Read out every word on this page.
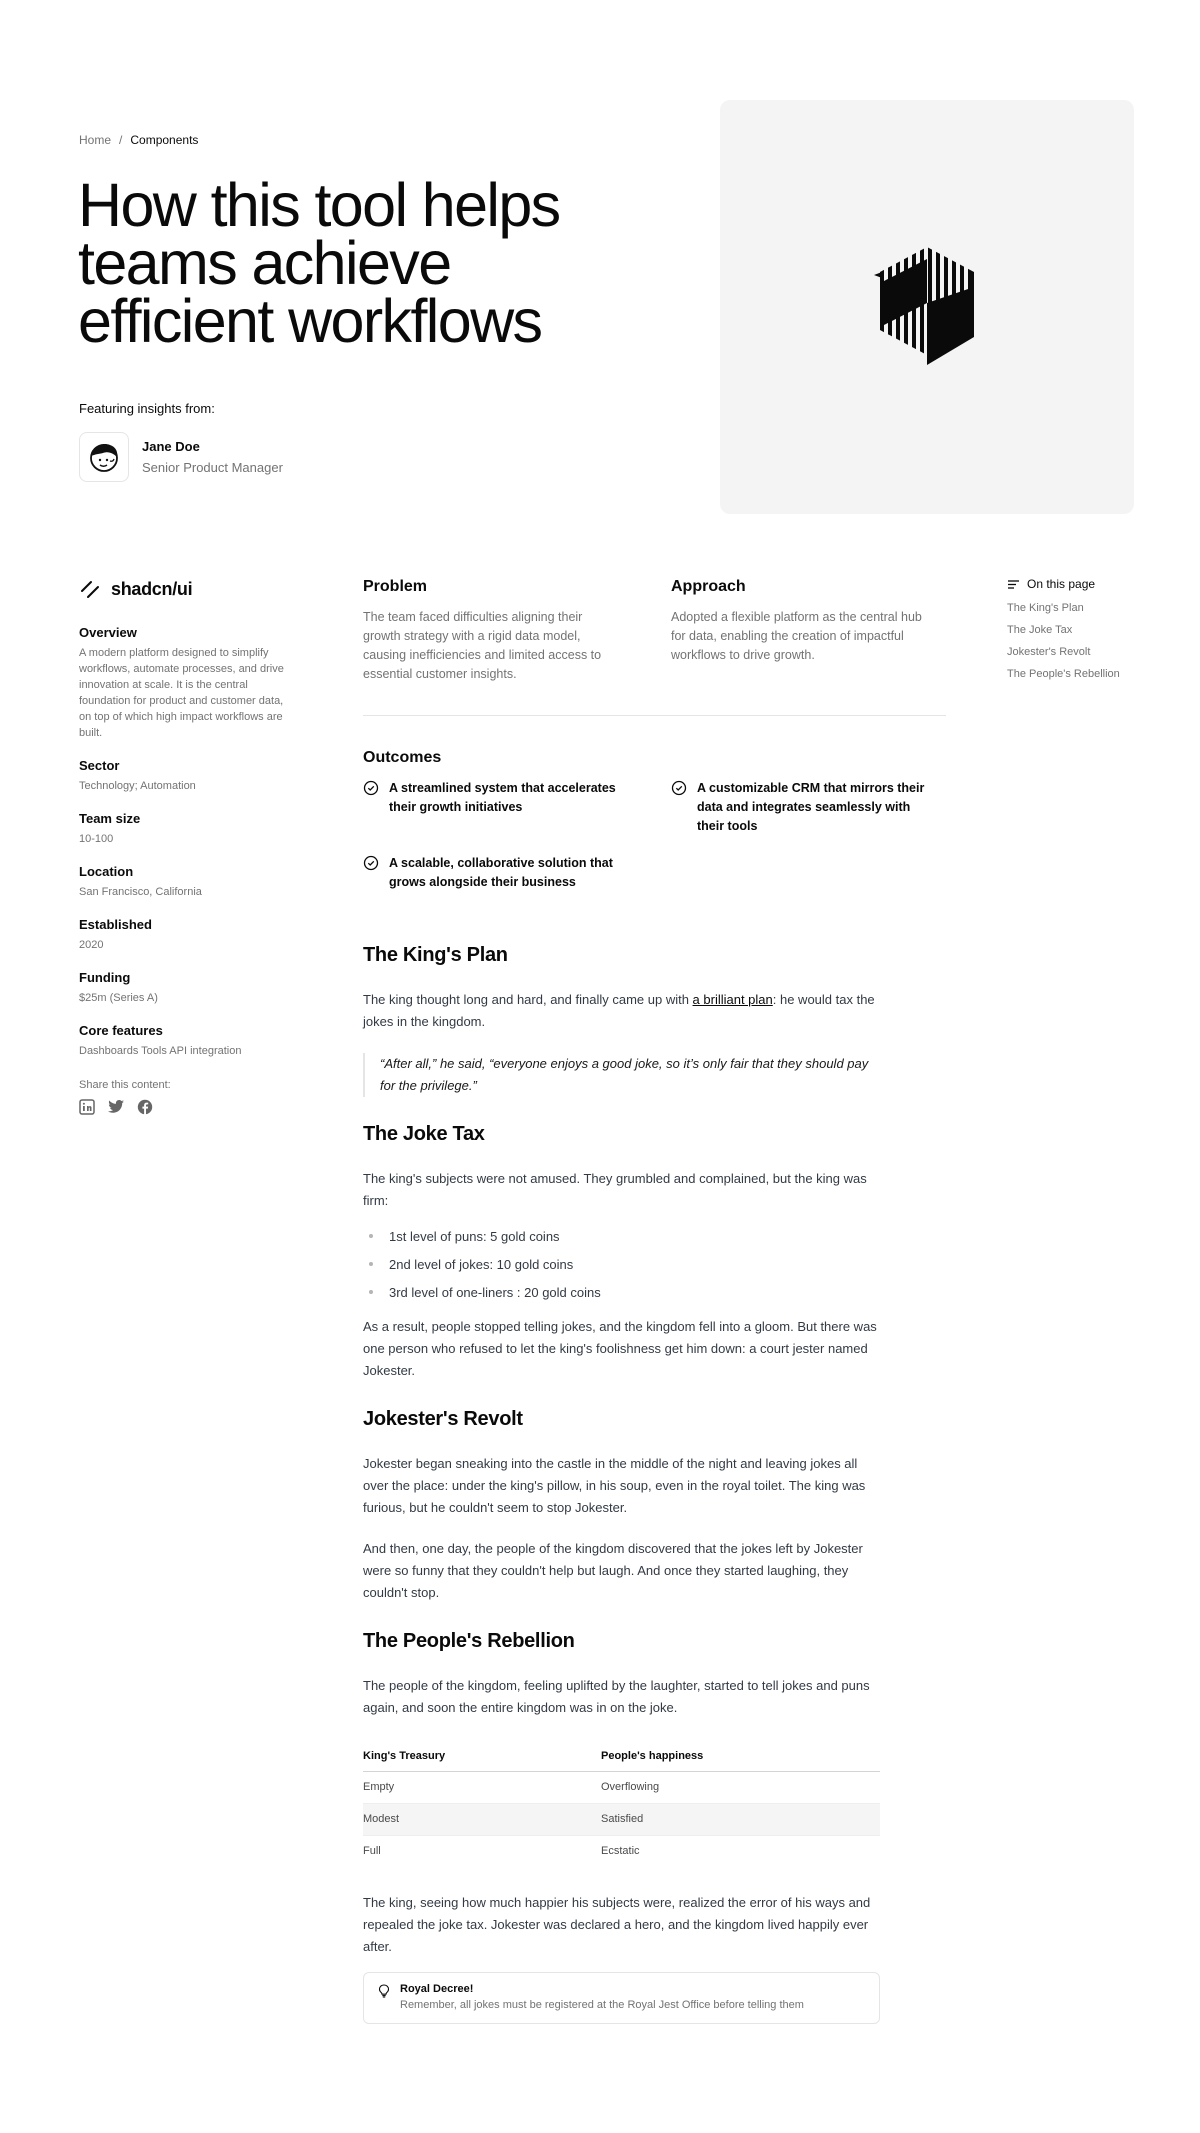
Home / Components
How this tool helps teams achieve efficient workflows
Featuring insights from:
Jane Doe
Senior Product Manager
shadcn/ui
Overview
A modern platform designed to simplify workflows, automate processes, and drive innovation at scale. It is the central foundation for product and customer data, on top of which high impact workflows are built.
Sector
Technology; Automation
Team size
10-100
Location
San Francisco, California
Established
2020
Funding
$25m (Series A)
Core features
Dashboards Tools API integration
Share this content:
Problem
The team faced difficulties aligning their growth strategy with a rigid data model, causing inefficiencies and limited access to essential customer insights.
Approach
Adopted a flexible platform as the central hub for data, enabling the creation of impactful workflows to drive growth.
Outcomes
A streamlined system that accelerates their growth initiatives
A customizable CRM that mirrors their data and integrates seamlessly with their tools
A scalable, collaborative solution that grows alongside their business
The King's Plan

The king thought long and hard, and finally came up with a brilliant plan: he would tax the jokes in the kingdom.

“After all,” he said, “everyone enjoys a good joke, so it’s only fair that they should pay for the privilege.”
The Joke Tax

The king's subjects were not amused. They grumbled and complained, but the king was firm:

1st level of puns: 5 gold coins
2nd level of jokes: 10 gold coins
3rd level of one-liners : 20 gold coins

As a result, people stopped telling jokes, and the kingdom fell into a gloom. But there was one person who refused to let the king's foolishness get him down: a court jester named Jokester.

Jokester's Revolt

Jokester began sneaking into the castle in the middle of the night and leaving jokes all over the place: under the king's pillow, in his soup, even in the royal toilet. The king was furious, but he couldn't seem to stop Jokester.

And then, one day, the people of the kingdom discovered that the jokes left by Jokester were so funny that they couldn't help but laugh. And once they started laughing, they couldn't stop.

The People's Rebellion

The people of the kingdom, feeling uplifted by the laughter, started to tell jokes and puns again, and soon the entire kingdom was in on the joke.

King's Treasury	People's happiness
Empty	Overflowing
Modest	Satisfied
Full	Ecstatic

The king, seeing how much happier his subjects were, realized the error of his ways and repealed the joke tax. Jokester was declared a hero, and the kingdom lived happily ever after.

Royal Decree!
Remember, all jokes must be registered at the Royal Jest Office before telling them
On this page
The King's Plan
The Joke Tax
Jokester's Revolt
The People's Rebellion
